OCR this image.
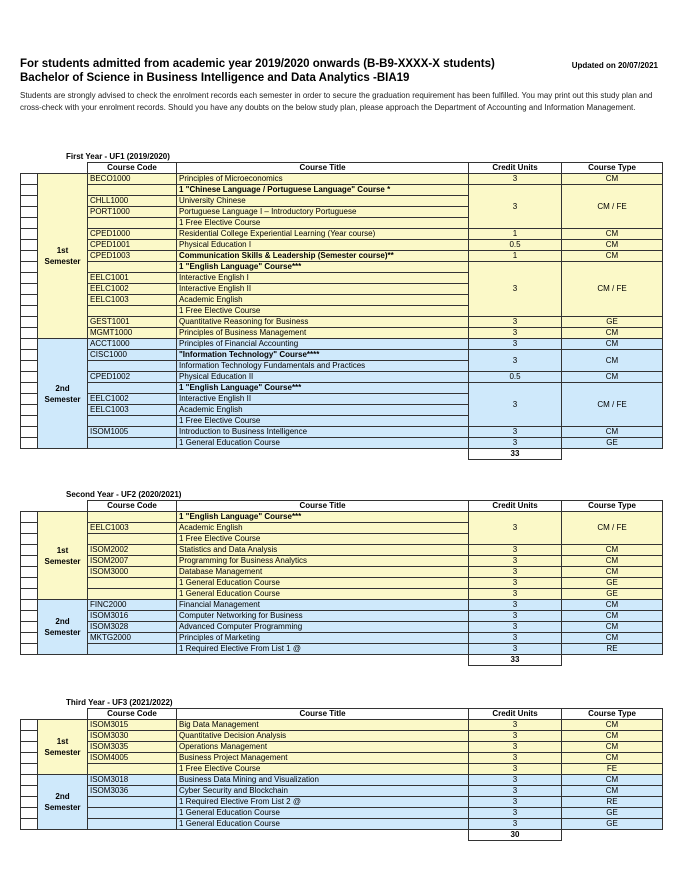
For students admitted from academic year 2019/2020 onwards (B-B9-XXXX-X students)
Bachelor of Science in Business Intelligence and Data Analytics -BIA19
Updated on 20/07/2021
Students are strongly advised to check the enrolment records each semester in order to secure the graduation requirement has been fulfilled. You may print out this study plan and cross-check with your enrolment records. Should you have any doubts on the below study plan, please approach the Department of Accounting and Information Management.
First Year - UF1 (2019/2020)
		Course Code	Course Title	Credit Units	Course Type
	1st
Semester	BECO1000	Principles of Microeconomics	3	CM
			1 "Chinese Language / Portuguese Language" Course *	3	CM / FE
		CHLL1000	University Chinese		
		PORT1000	Portuguese Language I – Introductory Portuguese		
			1 Free Elective Course		
		CPED1000	Residential College Experiential Learning (Year course)	1	CM
		CPED1001	Physical Education I	0.5	CM
		CPED1003	Communication Skills & Leadership (Semester course)**	1	CM
			1 "English Language" Course***	3	CM / FE
		EELC1001	Interactive English I		
		EELC1002	Interactive English II		
		EELC1003	Academic English		
			1 Free Elective Course		
		GEST1001	Quantitative Reasoning for Business	3	GE
		MGMT1000	Principles of Business Management	3	CM
	2nd
Semester	ACCT1000	Principles of Financial Accounting	3	CM
		CISC1000	"Information Technology" Course****	3	CM
			Information Technology Fundamentals and Practices		
		CPED1002	Physical Education II	0.5	CM
			1 "English Language" Course***	3	CM / FE
		EELC1002	Interactive English II		
		EELC1003	Academic English		
			1 Free Elective Course		
		ISOM1005	Introduction to Business Intelligence	3	CM
			1 General Education Course	3	GE
				33	
Second Year - UF2 (2020/2021)
		Course Code	Course Title	Credit Units	Course Type
	1st
Semester		1 "English Language" Course***	3	CM / FE
		EELC1003	Academic English		
			1 Free Elective Course		
		ISOM2002	Statistics and Data Analysis	3	CM
		ISOM2007	Programming for Business Analytics	3	CM
		ISOM3000	Database Management	3	CM
			1 General Education Course	3	GE
			1 General Education Course	3	GE
	2nd
Semester	FINC2000	Financial Management	3	CM
		ISOM3016	Computer Networking for Business	3	CM
		ISOM3028	Advanced Computer Programming	3	CM
		MKTG2000	Principles of Marketing	3	CM
			1 Required Elective From List 1 @	3	RE
				33	
Third Year - UF3 (2021/2022)
		Course Code	Course Title	Credit Units	Course Type
	1st
Semester	ISOM3015	Big Data Management	3	CM
		ISOM3030	Quantitative Decision Analysis	3	CM
		ISOM3035	Operations Management	3	CM
		ISOM4005	Business Project Management	3	CM
			1 Free Elective Course	3	FE
	2nd
Semester	ISOM3018	Business Data Mining and Visualization	3	CM
		ISOM3036	Cyber Security and Blockchain	3	CM
			1 Required Elective From List 2 @	3	RE
			1 General Education Course	3	GE
			1 General Education Course	3	GE
				30	
